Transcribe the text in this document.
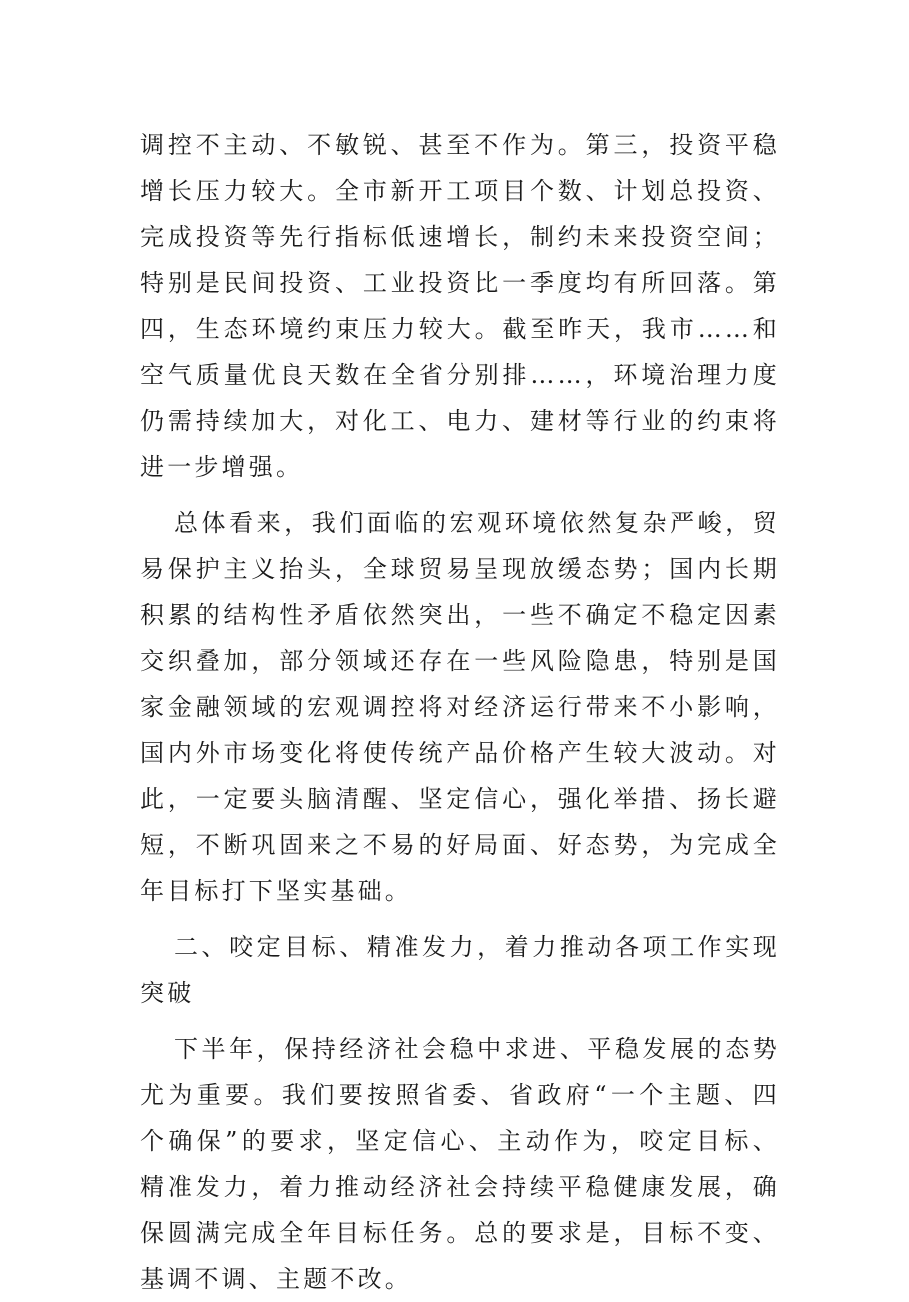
调控不主动、不敏锐、甚至不作为。第三，投资平稳增长压力较大。全市新开工项目个数、计划总投资、完成投资等先行指标低速增长，制约未来投资空间；特别是民间投资、工业投资比一季度均有所回落。第四，生态环境约束压力较大。截至昨天，我市……和空气质量优良天数在全省分别排……，环境治理力度仍需持续加大，对化工、电力、建材等行业的约束将进一步增强。

总体看来，我们面临的宏观环境依然复杂严峻，贸易保护主义抬头，全球贸易呈现放缓态势；国内长期积累的结构性矛盾依然突出，一些不确定不稳定因素交织叠加，部分领域还存在一些风险隐患，特别是国家金融领域的宏观调控将对经济运行带来不小影响，国内外市场变化将使传统产品价格产生较大波动。对此，一定要头脑清醒、坚定信心，强化举措、扬长避短，不断巩固来之不易的好局面、好态势，为完成全年目标打下坚实基础。

二、咬定目标、精准发力，着力推动各项工作实现突破

下半年，保持经济社会稳中求进、平稳发展的态势尤为重要。我们要按照省委、省政府“一个主题、四个确保”的要求，坚定信心、主动作为，咬定目标、精准发力，着力推动经济社会持续平稳健康发展，确保圆满完成全年目标任务。总的要求是，目标不变、基调不调、主题不改。
